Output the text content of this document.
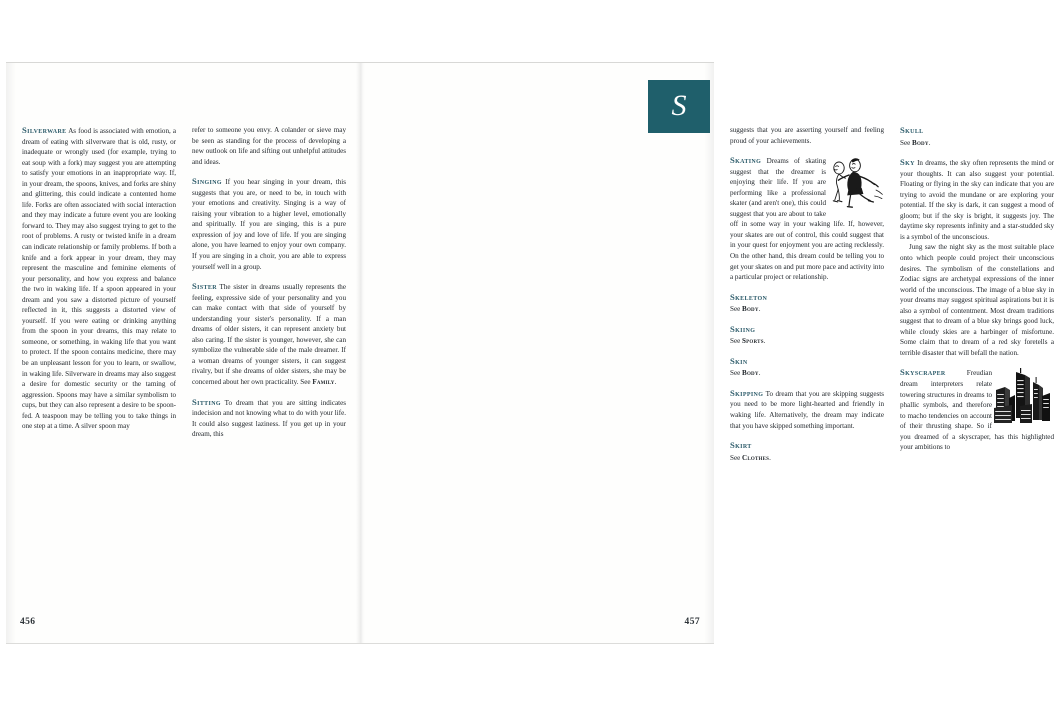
Silverware As food is associated with emotion, a dream of eating with silverware that is old, rusty, or inadequate or wrongly used (for example, trying to eat soup with a fork) may suggest you are attempting to satisfy your emotions in an inappropriate way. If, in your dream, the spoons, knives, and forks are shiny and glittering, this could indicate a contented home life. Forks are often associated with social interaction and they may indicate a future event you are looking forward to. They may also suggest trying to get to the root of problems. A rusty or twisted knife in a dream can indicate relationship or family problems. If both a knife and a fork appear in your dream, they may represent the masculine and feminine elements of your personality, and how you express and balance the two in waking life. If a spoon appeared in your dream and you saw a distorted picture of yourself reflected in it, this suggests a distorted view of yourself. If you were eating or drinking anything from the spoon in your dreams, this may relate to someone, or something, in waking life that you want to protect. If the spoon contains medicine, there may be an unpleasant lesson for you to learn, or swallow, in waking life. Silverware in dreams may also suggest a desire for domestic security or the taming of aggression. Spoons may have a similar symbolism to cups, but they can also represent a desire to be spoon-fed. A teaspoon may be telling you to take things in one step at a time. A silver spoon may

refer to someone you envy. A colander or sieve may be seen as standing for the process of developing a new outlook on life and sifting out unhelpful attitudes and ideas.

Singing If you hear singing in your dream, this suggests that you are, or need to be, in touch with your emotions and creativity. Singing is a way of raising your vibration to a higher level, emotionally and spiritually. If you are singing, this is a pure expression of joy and love of life. If you are singing alone, you have learned to enjoy your own company. If you are singing in a choir, you are able to express yourself well in a group.

Sister The sister in dreams usually represents the feeling, expressive side of your personality and you can make contact with that side of yourself by understanding your sister's personality. If a man dreams of older sisters, it can represent anxiety but also caring. If the sister is younger, however, she can symbolize the vulnerable side of the male dreamer. If a woman dreams of younger sisters, it can suggest rivalry, but if she dreams of older sisters, she may be concerned about her own practicality. See Family.

Sitting To dream that you are sitting indicates indecision and not knowing what to do with your life. It could also suggest laziness. If you get up in your dream, this

456
S

suggests that you are asserting yourself and feeling proud of your achievements.

Skating Dreams of skating suggest that the dreamer is enjoying their life. If you are performing like a professional skater (and aren't one), this could suggest that you are about to take off in some way in your waking life. If, however, your skates are out of control, this could suggest that in your quest for enjoyment you are acting recklessly. On the other hand, this dream could be telling you to get your skates on and put more pace and activity into a particular project or relationship.

Skeleton

See Body.

Skiing

See Sports.

Skin

See Body.

Skipping To dream that you are skipping suggests you need to be more light-hearted and friendly in waking life. Alternatively, the dream may indicate that you have skipped something important.

Skirt

See Clothes.

Skull

See Body.

Sky In dreams, the sky often represents the mind or your thoughts. It can also suggest your potential. Floating or flying in the sky can indicate that you are trying to avoid the mundane or are exploring your potential. If the sky is dark, it can suggest a mood of gloom; but if the sky is bright, it suggests joy. The daytime sky represents infinity and a star-studded sky is a symbol of the unconscious.

Jung saw the night sky as the most suitable place onto which people could project their unconscious desires. The symbolism of the constellations and Zodiac signs are archetypal expressions of the inner world of the unconscious. The image of a blue sky in your dreams may suggest spiritual aspirations but it is also a symbol of contentment. Most dream traditions suggest that to dream of a blue sky brings good luck, while cloudy skies are a harbinger of misfortune. Some claim that to dream of a red sky foretells a terrible disaster that will befall the nation.

Skyscraper	Freudian dream interpreters relate towering structures in dreams to phallic symbols, and therefore to macho tendencies on account of their thrusting shape. So if you dreamed of a skyscraper, has this highlighted your ambitions to

457
